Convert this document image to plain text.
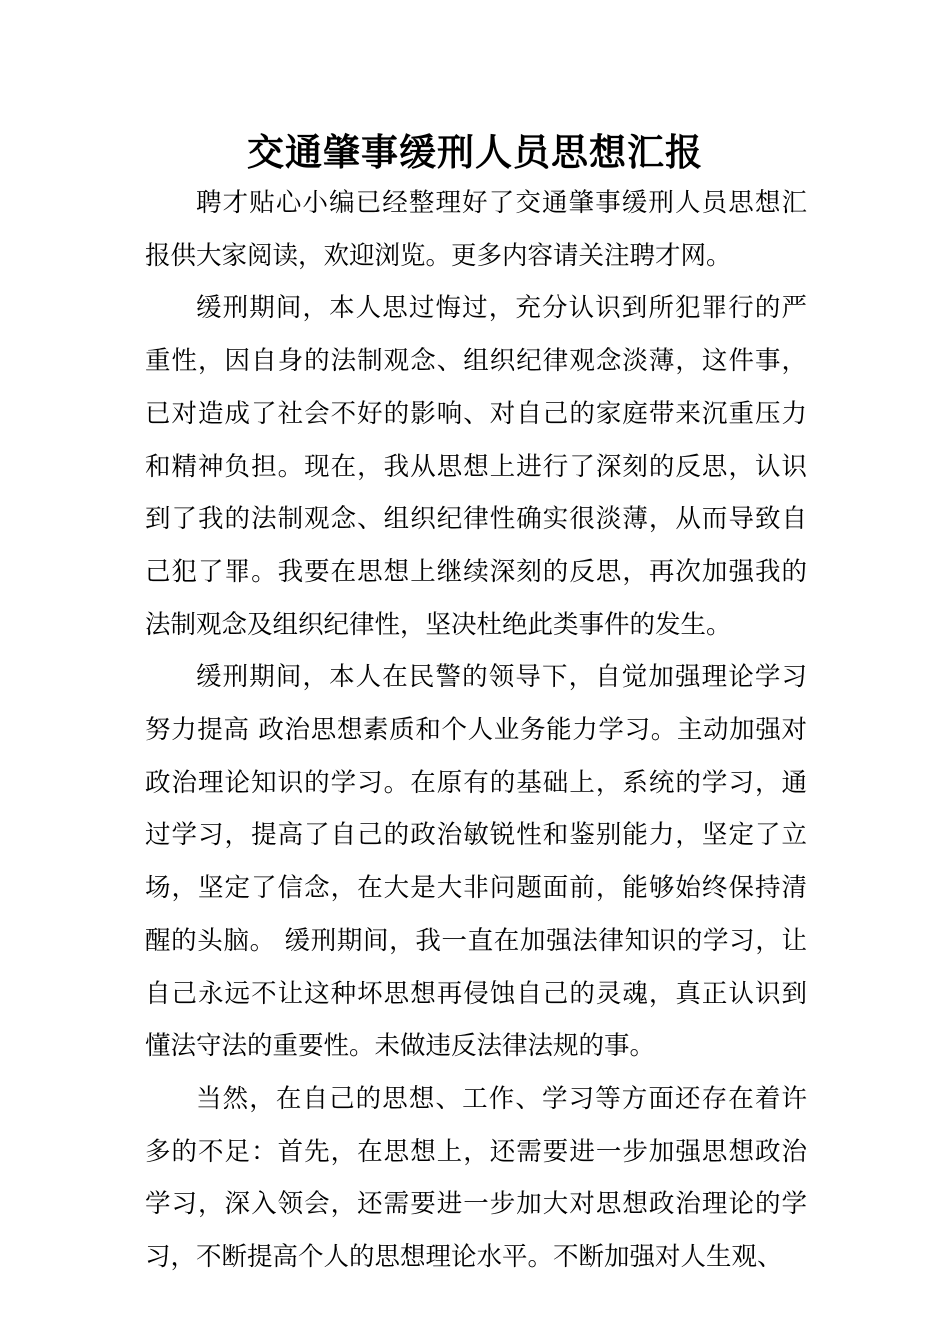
交通肇事缓刑人员思想汇报

聘才贴心小编已经整理好了交通肇事缓刑人员思想汇报供大家阅读，欢迎浏览。更多内容请关注聘才网。

缓刑期间，本人思过悔过，充分认识到所犯罪行的严重性，因自身的法制观念、组织纪律观念淡薄，这件事，已对造成了社会不好的影响、对自己的家庭带来沉重压力和精神负担。现在，我从思想上进行了深刻的反思，认识到了我的法制观念、组织纪律性确实很淡薄，从而导致自己犯了罪。我要在思想上继续深刻的反思，再次加强我的法制观念及组织纪律性，坚决杜绝此类事件的发生。

缓刑期间，本人在民警的领导下，自觉加强理论学习努力提高 政治思想素质和个人业务能力学习。主动加强对政治理论知识的学习。在原有的基础上，系统的学习，通过学习，提高了自己的政治敏锐性和鉴别能力，坚定了立场，坚定了信念，在大是大非问题面前，能够始终保持清醒的头脑。 缓刑期间，我一直在加强法律知识的学习，让自己永远不让这种坏思想再侵蚀自己的灵魂，真正认识到懂法守法的重要性。未做违反法律法规的事。

当然，在自己的思想、工作、学习等方面还存在着许多的不足：首先，在思想上，还需要进一步加强思想政治学习，深入领会，还需要进一步加大对思想政治理论的学习，不断提高个人的思想理论水平。不断加强对人生观、
